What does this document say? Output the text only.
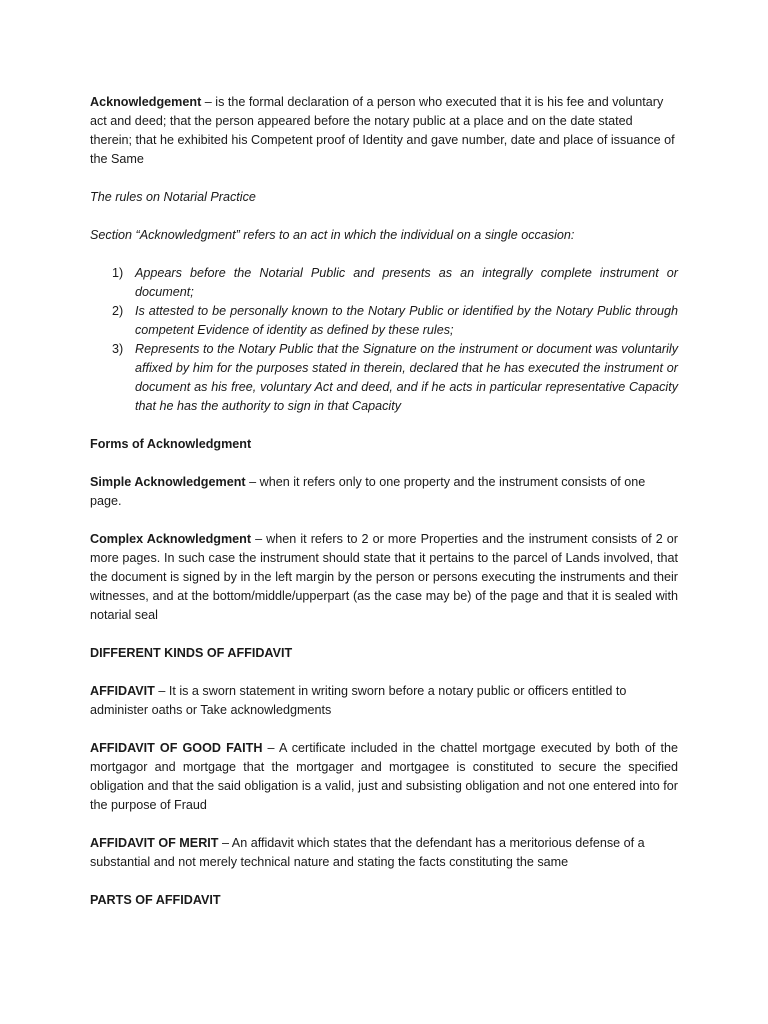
Acknowledgement – is the formal declaration of a person who executed that it is his fee and voluntary act and deed; that the person appeared before the notary public at a place and on the date stated therein; that he exhibited his Competent proof of Identity and gave number, date and place of issuance of the Same

The rules on Notarial Practice

Section “Acknowledgment” refers to an act in which the individual on a single occasion:

1) Appears before the Notarial Public and presents as an integrally complete instrument or document;
2) Is attested to be personally known to the Notary Public or identified by the Notary Public through competent Evidence of identity as defined by these rules;
3) Represents to the Notary Public that the Signature on the instrument or document was voluntarily affixed by him for the purposes stated in therein, declared that he has executed the instrument or document as his free, voluntary Act and deed, and if he acts in particular representative Capacity that he has the authority to sign in that Capacity

Forms of Acknowledgment

Simple Acknowledgement – when it refers only to one property and the instrument consists of one page.

Complex Acknowledgment – when it refers to 2 or more Properties and the instrument consists of 2 or more pages. In such case the instrument should state that it pertains to the parcel of Lands involved, that the document is signed by in the left margin by the person or persons executing the instruments and their witnesses, and at the bottom/middle/upperpart (as the case may be) of the page and that it is sealed with notarial seal

DIFFERENT KINDS OF AFFIDAVIT

AFFIDAVIT – It is a sworn statement in writing sworn before a notary public or officers entitled to administer oaths or Take acknowledgments

AFFIDAVIT OF GOOD FAITH – A certificate included in the chattel mortgage executed by both of the mortgagor and mortgage that the mortgager and mortgagee is constituted to secure the specified obligation and that the said obligation is a valid, just and subsisting obligation and not one entered into for the purpose of Fraud

AFFIDAVIT OF MERIT – An affidavit which states that the defendant has a meritorious defense of a substantial and not merely technical nature and stating the facts constituting the same

PARTS OF AFFIDAVIT
